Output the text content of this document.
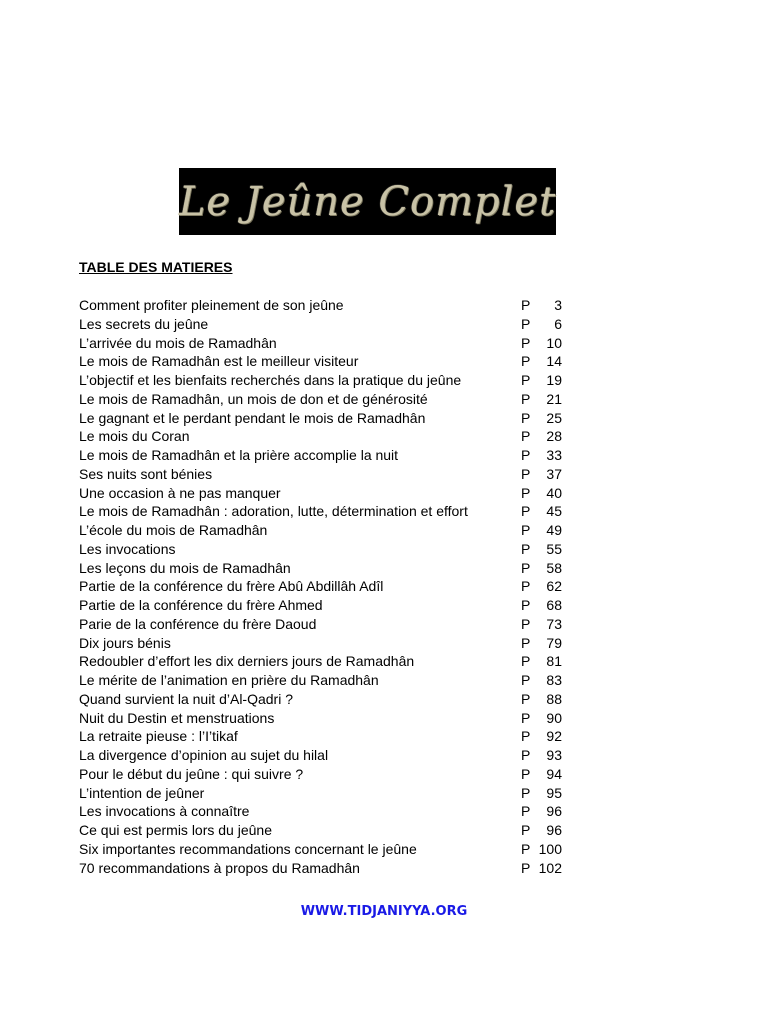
Le Jeûne Complet
TABLE DES MATIERES
Comment profiter pleinement de son jeûne	P 3
Les secrets du jeûne	P 6
L’arrivée du mois de Ramadhân	P 10
Le mois de Ramadhân est le meilleur visiteur	P 14
L’objectif et les bienfaits recherchés dans la pratique du jeûne	P 19
Le mois de Ramadhân, un mois de don et de générosité	P 21
Le gagnant et le perdant pendant le mois de Ramadhân	P 25
Le mois du Coran	P 28
Le mois de Ramadhân et la prière accomplie la nuit	P 33
Ses nuits sont bénies	P 37
Une occasion à ne pas manquer	P 40
Le mois de Ramadhân : adoration, lutte, détermination et effort	P 45
L’école du mois de Ramadhân	P 49
Les invocations	P 55
Les leçons du mois de Ramadhân	P 58
Partie de la conférence du frère Abû Abdillâh Adîl	P 62
Partie de la conférence du frère Ahmed	P 68
Parie de la conférence du frère Daoud	P 73
Dix jours bénis	P 79
Redoubler d’effort les dix derniers jours de Ramadhân	P 81
Le mérite de l’animation en prière du Ramadhân	P 83
Quand survient la nuit d’Al-Qadri ?	P 88
Nuit du Destin et menstruations	P 90
La retraite pieuse : l’I’tikaf	P 92
La divergence d’opinion au sujet du hilal	P 93
Pour le début du jeûne : qui suivre ?	P 94
L’intention de jeûner	P 95
Les invocations à connaître	P 96
Ce qui est permis lors du jeûne	P 96
Six importantes recommandations concernant le jeûne	P 100
70 recommandations à propos du Ramadhân	P 102
WWW.TIDJANIYYA.ORG
